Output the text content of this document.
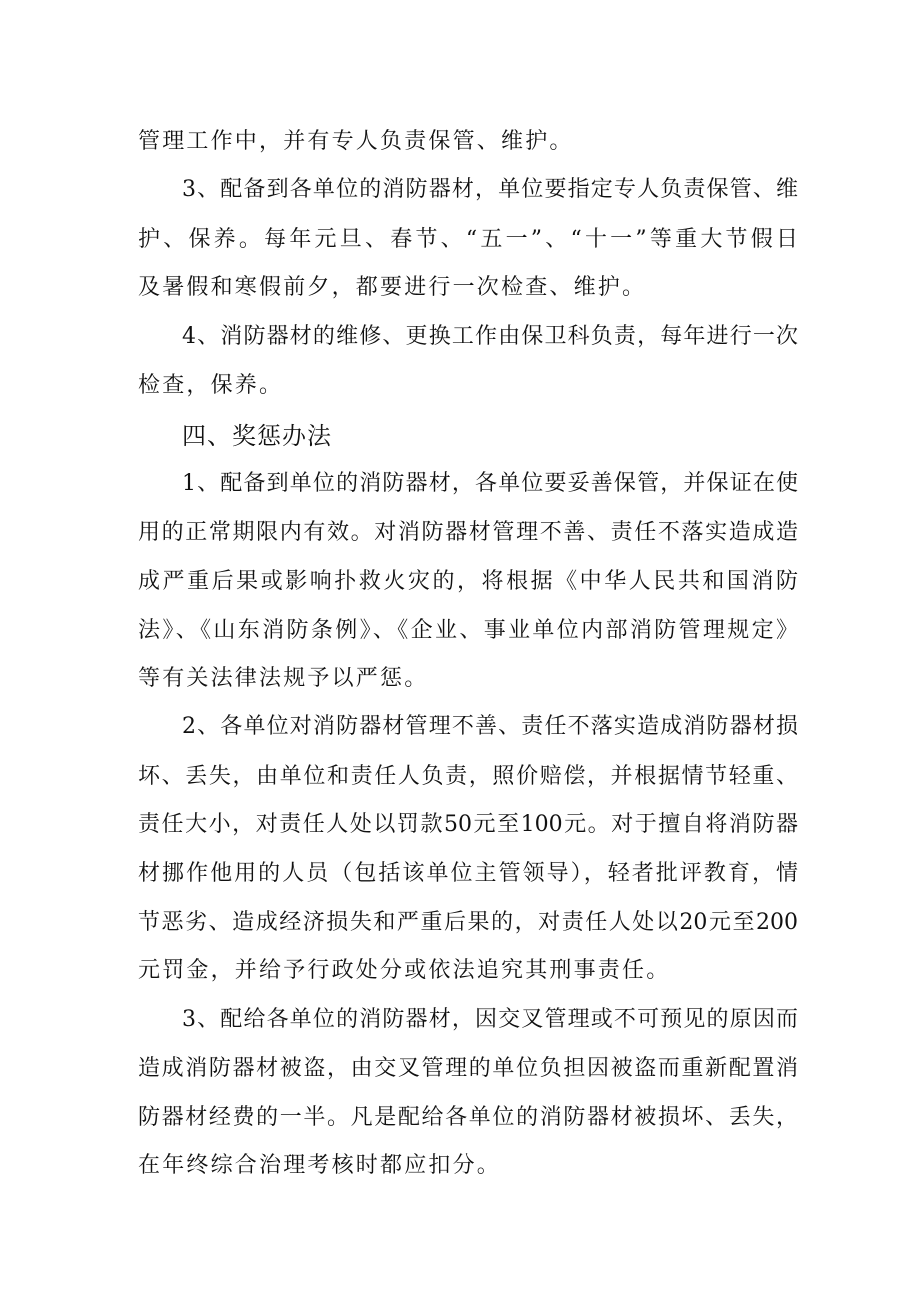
管理工作中，并有专人负责保管、维护。
3、配备到各单位的消防器材，单位要指定专人负责保管、维
护、保养。每年元旦、春节、“五一”、“十一”等重大节假日
及暑假和寒假前夕，都要进行一次检查、维护。
4、消防器材的维修、更换工作由保卫科负责，每年进行一次
检查，保养。
四、奖惩办法
1、配备到单位的消防器材，各单位要妥善保管，并保证在使
用的正常期限内有效。对消防器材管理不善、责任不落实造成造
成严重后果或影响扑救火灾的，将根据《中华人民共和国消防
法》、《山东消防条例》、《企业、事业单位内部消防管理规定》
等有关法律法规予以严惩。
2、各单位对消防器材管理不善、责任不落实造成消防器材损
坏、丢失，由单位和责任人负责，照价赔偿，并根据情节轻重、
责任大小，对责任人处以罚款50元至100元。对于擅自将消防器
材挪作他用的人员（包括该单位主管领导），轻者批评教育，情
节恶劣、造成经济损失和严重后果的，对责任人处以20元至200
元罚金，并给予行政处分或依法追究其刑事责任。
3、配给各单位的消防器材，因交叉管理或不可预见的原因而
造成消防器材被盗，由交叉管理的单位负担因被盗而重新配置消
防器材经费的一半。凡是配给各单位的消防器材被损坏、丢失，
在年终综合治理考核时都应扣分。
